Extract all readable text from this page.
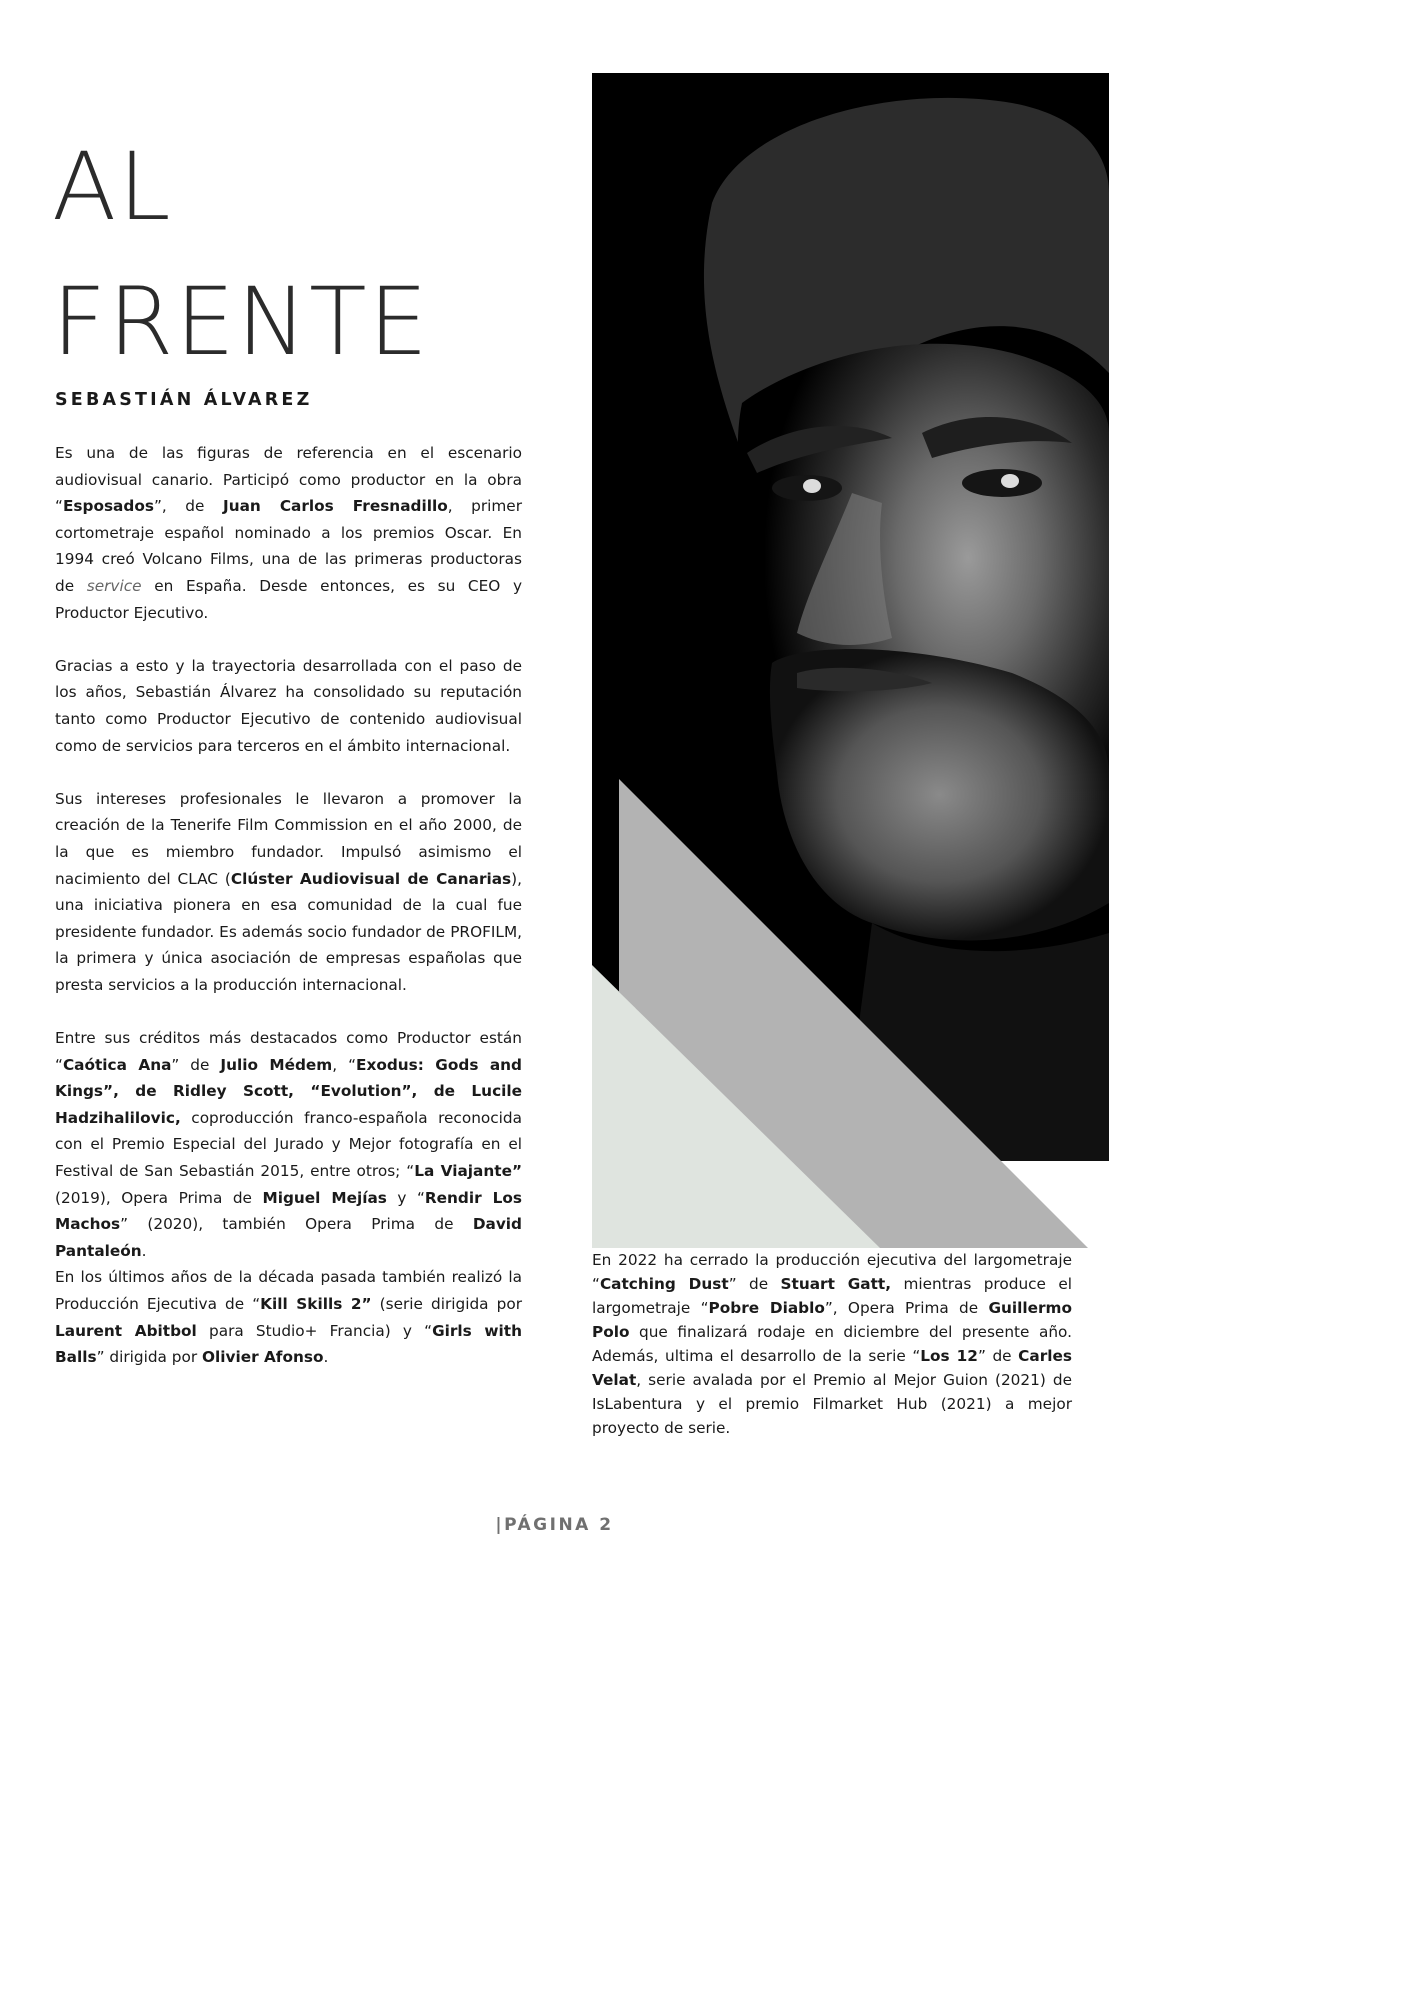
AL
FRENTE
SEBASTIÁN ÁLVAREZ

Es una de las figuras de referencia en el escenario audiovisual canario. Participó como productor en la obra “Esposados”, de Juan Carlos Fresnadillo, primer cortometraje español nominado a los premios Oscar. En 1994 creó Volcano Films, una de las primeras productoras de service en España. Desde entonces, es su CEO y Productor Ejecutivo.

Gracias a esto y la trayectoria desarrollada con el paso de los años, Sebastián Álvarez ha consolidado su reputación tanto como Productor Ejecutivo de contenido audiovisual como de servicios para terceros en el ámbito internacional.

Sus intereses profesionales le llevaron a promover la creación de la Tenerife Film Commission en el año 2000, de la que es miembro fundador. Impulsó asimismo el nacimiento del CLAC (Clúster Audiovisual de Canarias), una iniciativa pionera en esa comunidad de la cual fue presidente fundador. Es además socio fundador de PROFILM, la primera y única asociación de empresas españolas que presta servicios a la producción internacional.

Entre sus créditos más destacados como Productor están “Caótica Ana” de Julio Médem, “Exodus: Gods and Kings”, de Ridley Scott, “Evolution”, de Lucile Hadzihalilovic, coproducción franco-española reconocida con el Premio Especial del Jurado y Mejor fotografía en el Festival de San Sebastián 2015, entre otros; “La Viajante” (2019), Opera Prima de Miguel Mejías y “Rendir Los Machos” (2020), también Opera Prima de David Pantaleón.

En los últimos años de la década pasada también realizó la Producción Ejecutiva de “Kill Skills 2” (serie dirigida por Laurent Abitbol para Studio+ Francia) y “Girls with Balls” dirigida por Olivier Afonso.

En 2022 ha cerrado la producción ejecutiva del largometraje “Catching Dust” de Stuart Gatt, mientras produce el largometraje “Pobre Diablo”, Opera Prima de Guillermo Polo que finalizará rodaje en diciembre del presente año. Además, ultima el desarrollo de la serie “Los 12” de Carles Velat, serie avalada por el Premio al Mejor Guion (2021) de IsLabentura y el premio Filmarket Hub (2021) a mejor proyecto de serie.

|PÁGINA 2
